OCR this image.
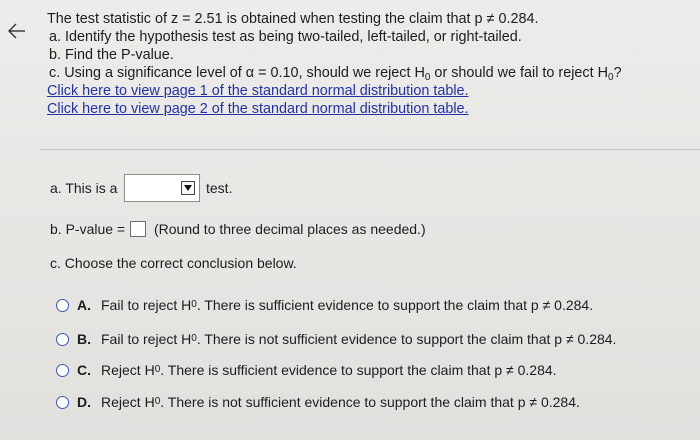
The test statistic of z = 2.51 is obtained when testing the claim that p ≠ 0.284.
a. Identify the hypothesis test as being two-tailed, left-tailed, or right-tailed.
b. Find the P-value.
c. Using a significance level of α = 0.10, should we reject $H_0$ or should we fail to reject $H_0$?
Click here to view page 1 of the standard normal distribution table.
Click here to view page 2 of the standard normal distribution table.
a. This is a	test.
b. P-value = (Round to three decimal places as needed.)
c. Choose the correct conclusion below.
A. Fail to reject H 0 . There is sufficient evidence to support the claim that p ≠ 0.284.
B. Fail to reject H 0 . There is not sufficient evidence to support the claim that p ≠ 0.284.
C. Reject H 0 . There is sufficient evidence to support the claim that p ≠ 0.284.
D. Reject H 0 . There is not sufficient evidence to support the claim that p ≠ 0.284.
